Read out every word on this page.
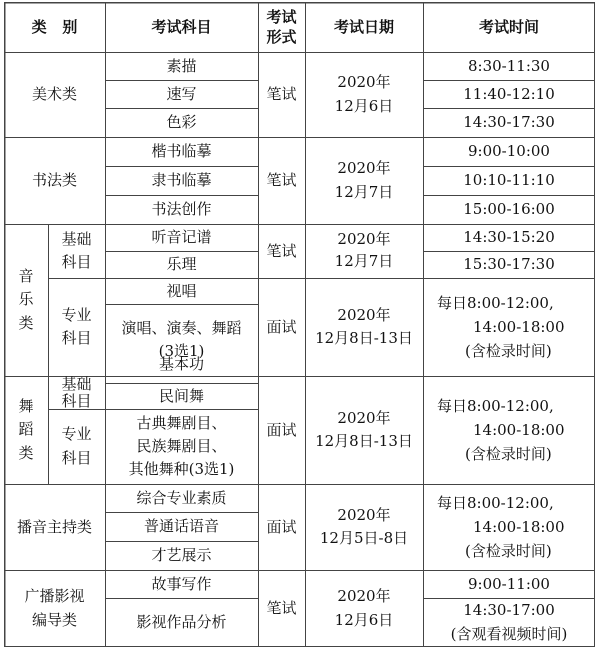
类   别	考试科目
考试
形式
考试日期	考试时间
美术类
素描
速写
色彩
笔试
2020年
12月6日
8:30-11:30
11:40-12:10
14:30-17:30
书法类
楷书临摹
隶书临摹
书法创作
笔试
2020年
12月7日
9:00-10:00
10:10-11:10
15:00-16:00
音
乐
类
基础
科目
听音记谱
乐理
笔试
2020年
12月7日
14:30-15:20
15:30-17:30
专业
科目
视唱
演唱、演奏、舞蹈
(3选1)
面试
2020年
12月8日-13日
每日8:00-12:00,
14:00-18:00
(含检录时间)
舞
蹈
类
基础
科目
专业
科目
面试
2020年
12月8日-13日
每日8:00-12:00,
14:00-18:00
(含检录时间)
古典舞剧目、
民族舞剧目、
其他舞种(3选1)
播音主持类
综合专业素质
普通话语音
才艺展示
面试
2020年
12月5日-8日
每日8:00-12:00,
14:00-18:00
(含检录时间)
广播影视
编导类
故事写作
影视作品分析
笔试
2020年
12月6日
9:00-11:00
14:30-17:00
(含观看视频时间)
基本功
民间舞
